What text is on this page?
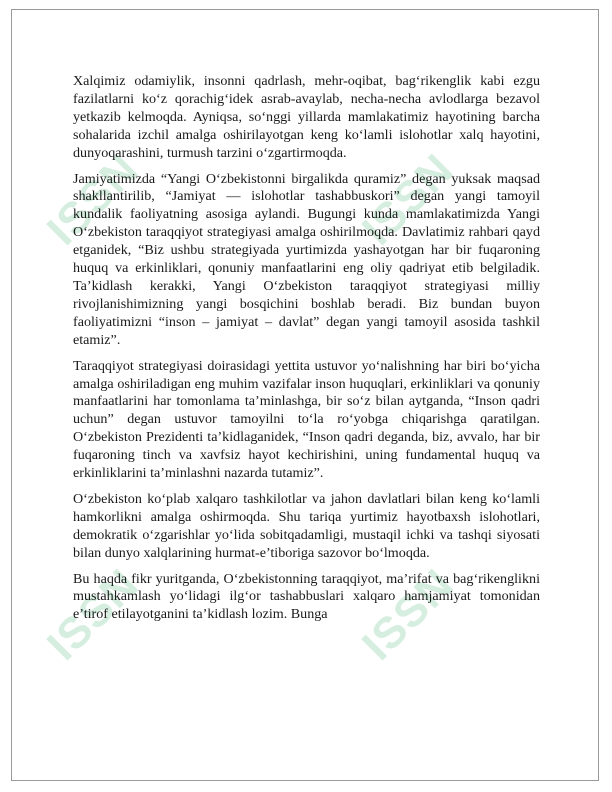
ISSN	ISSN
ISSN	ISSN

Xalqimiz odamiylik, insonni qadrlash, mehr-oqibat, bag‘rikenglik kabi ezgu fazilatlarni ko‘z qorachig‘idek asrab-avaylab, necha-necha avlodlarga bezavol yetkazib kelmoqda. Ayniqsa, so‘nggi yillarda mamlakatimiz hayotining barcha sohalarida izchil amalga oshirilayotgan keng ko‘lamli islohotlar xalq hayotini, dunyoqarashini, turmush tarzini o‘zgartirmoqda.

Jamiyatimizda “Yangi O‘zbekistonni birgalikda quramiz” degan yuksak maqsad shakllantirilib, “Jamiyat — islohotlar tashabbuskori” degan yangi tamoyil kundalik faoliyatning asosiga aylandi. Bugungi kunda mamlakatimizda Yangi O‘zbekiston taraqqiyot strategiyasi amalga oshirilmoqda. Davlatimiz rahbari qayd etganidek, “Biz ushbu strategiyada yurtimizda yashayotgan har bir fuqaroning huquq va erkinliklari, qonuniy manfaatlarini eng oliy qadriyat etib belgiladik. Ta’kidlash kerakki, Yangi O‘zbekiston taraqqiyot strategiyasi milliy rivojlanishimizning yangi bosqichini boshlab beradi. Biz bundan buyon faoliyatimizni “inson – jamiyat – davlat” degan yangi tamoyil asosida tashkil etamiz”.

Taraqqiyot strategiyasi doirasidagi yettita ustuvor yo‘nalishning har biri bo‘yicha amalga oshiriladigan eng muhim vazifalar inson huquqlari, erkinliklari va qonuniy manfaatlarini har tomonlama ta’minlashga, bir so‘z bilan aytganda, “Inson qadri uchun” degan ustuvor tamoyilni to‘la ro‘yobga chiqarishga qaratilgan. O‘zbekiston Prezidenti ta’kidlaganidek, “Inson qadri deganda, biz, avvalo, har bir fuqaroning tinch va xavfsiz hayot kechirishini, uning fundamental huquq va erkinliklarini ta’minlashni nazarda tutamiz”.

O‘zbekiston ko‘plab xalqaro tashkilotlar va jahon davlatlari bilan keng ko‘lamli hamkorlikni amalga oshirmoqda. Shu tariqa yurtimiz hayotbaxsh islohotlari, demokratik o‘zgarishlar yo‘lida sobitqadamligi, mustaqil ichki va tashqi siyosati bilan dunyo xalqlarining hurmat-e’tiboriga sazovor bo‘lmoqda.

Bu haqda fikr yuritganda, O‘zbekistonning taraqqiyot, ma’rifat va bag‘rikenglikni mustahkamlash yo‘lidagi ilg‘or tashabbuslari xalqaro hamjamiyat tomonidan e’tirof etilayotganini ta’kidlash lozim. Bunga
